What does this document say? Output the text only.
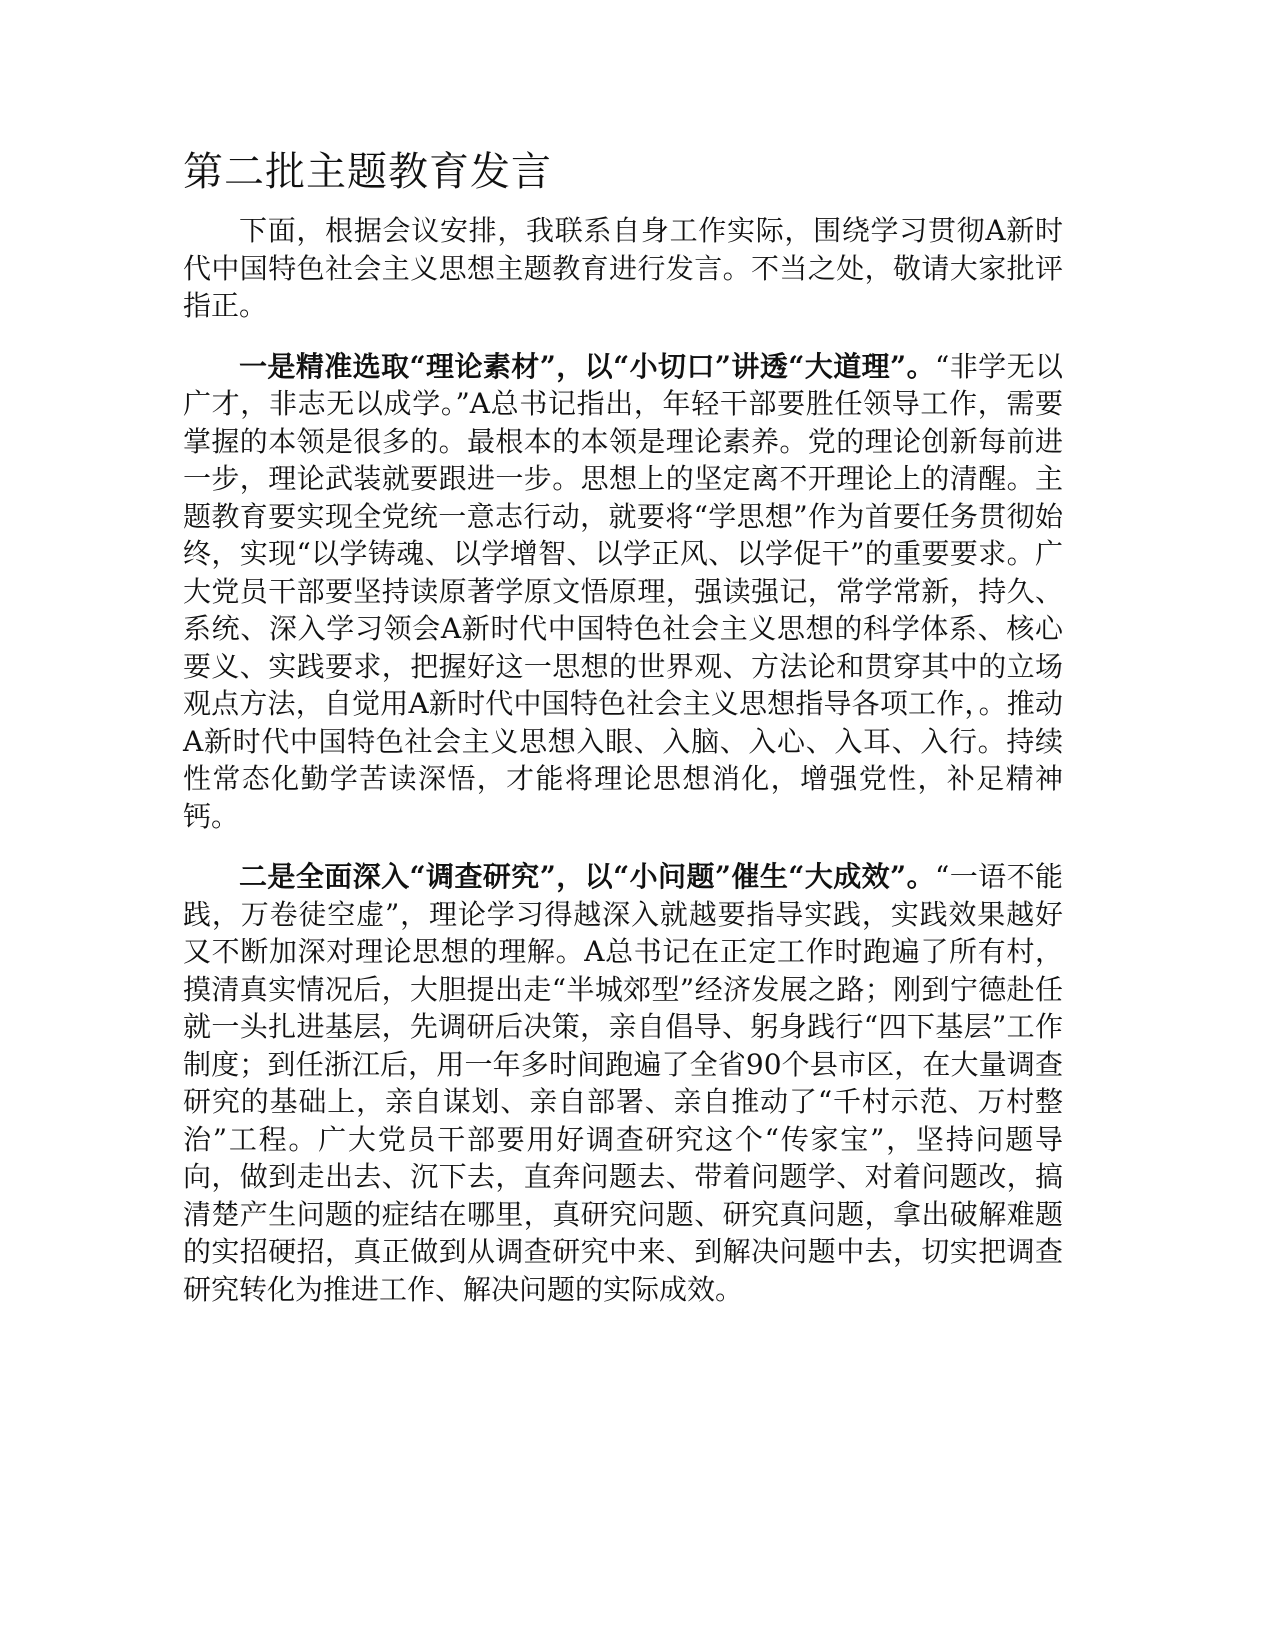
第二批主题教育发言

下面，根据会议安排，我联系自身工作实际，围绕学习贯彻A新时代中国特色社会主义思想主题教育进行发言。不当之处，敬请大家批评指正。

一是精准选取“理论素材”，以“小切口”讲透“大道理”。“非学无以广才，非志无以成学。”A总书记指出，年轻干部要胜任领导工作，需要掌握的本领是很多的。最根本的本领是理论素养。党的理论创新每前进一步，理论武装就要跟进一步。思想上的坚定离不开理论上的清醒。主题教育要实现全党统一意志行动，就要将“学思想”作为首要任务贯彻始终，实现“以学铸魂、以学增智、以学正风、以学促干”的重要要求。广大党员干部要坚持读原著学原文悟原理，强读强记，常学常新，持久、系统、深入学习领会A新时代中国特色社会主义思想的科学体系、核心要义、实践要求，把握好这一思想的世界观、方法论和贯穿其中的立场观点方法，自觉用A新时代中国特色社会主义思想指导各项工作，。推动A新时代中国特色社会主义思想入眼、入脑、入心、入耳、入行。持续性常态化勤学苦读深悟，才能将理论思想消化，增强党性，补足精神钙。

二是全面深入“调查研究”，以“小问题”催生“大成效”。“一语不能践，万卷徒空虚”，理论学习得越深入就越要指导实践，实践效果越好又不断加深对理论思想的理解。A总书记在正定工作时跑遍了所有村，摸清真实情况后，大胆提出走“半城郊型”经济发展之路；刚到宁德赴任就一头扎进基层，先调研后决策，亲自倡导、躬身践行“四下基层”工作制度；到任浙江后，用一年多时间跑遍了全省90个县市区，在大量调查研究的基础上，亲自谋划、亲自部署、亲自推动了“千村示范、万村整治”工程。广大党员干部要用好调查研究这个“传家宝”，坚持问题导向，做到走出去、沉下去，直奔问题去、带着问题学、对着问题改，搞清楚产生问题的症结在哪里，真研究问题、研究真问题，拿出破解难题的实招硬招，真正做到从调查研究中来、到解决问题中去，切实把调查研究转化为推进工作、解决问题的实际成效。
